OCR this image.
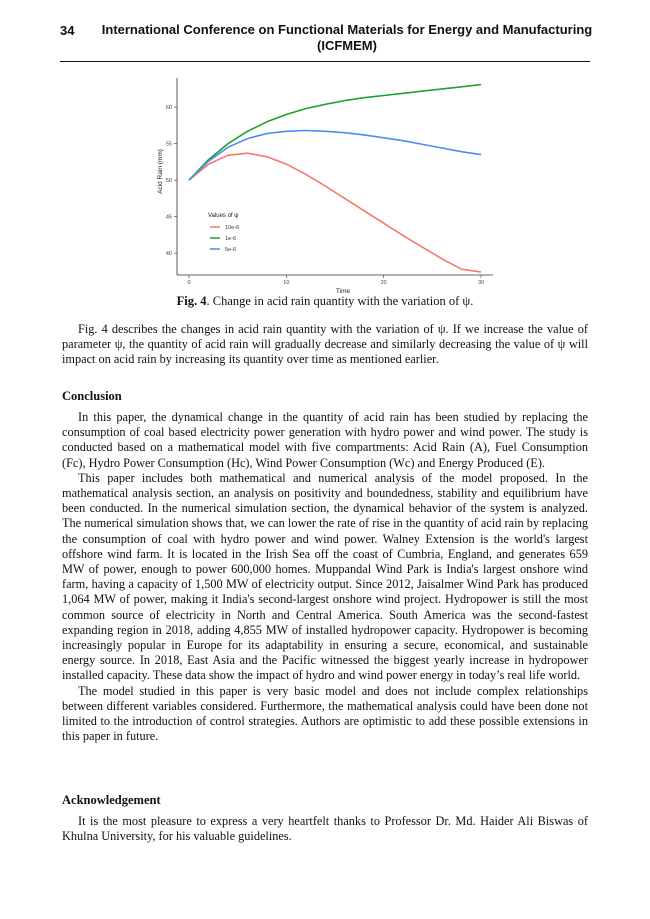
34 International Conference on Functional Materials for Energy and Manufacturing (ICFMEM)
40
45
50
55
60
0	10	20	30
Time
Acid Rain (mm)
Values of ψ
10e-6
1e-6
5e-6
Fig. 4. Change in acid rain quantity with the variation of ψ.

Fig. 4 describes the changes in acid rain quantity with the variation of ψ. If we increase the value of parameter ψ, the quantity of acid rain will gradually decrease and similarly decreasing the value of ψ will impact on acid rain by increasing its quantity over time as mentioned earlier.

Conclusion

In this paper, the dynamical change in the quantity of acid rain has been studied by replacing the consumption of coal based electricity power generation with hydro power and wind power. The study is conducted based on a mathematical model with five compartments: Acid Rain (A), Fuel Consumption (Fc), Hydro Power Consumption (Hc), Wind Power Consumption (Wc) and Energy Produced (E).

This paper includes both mathematical and numerical analysis of the model proposed. In the mathematical analysis section, an analysis on positivity and boundedness, stability and equilibrium have been conducted. In the numerical simulation section, the dynamical behavior of the system is analyzed. The numerical simulation shows that, we can lower the rate of rise in the quantity of acid rain by replacing the consumption of coal with hydro power and wind power. Walney Extension is the world's largest offshore wind farm. It is located in the Irish Sea off the coast of Cumbria, England, and generates 659 MW of power, enough to power 600,000 homes. Muppandal Wind Park is India's largest onshore wind farm, having a capacity of 1,500 MW of electricity output. Since 2012, Jaisalmer Wind Park has produced 1,064 MW of power, making it India's second-largest onshore wind project. Hydropower is still the most common source of electricity in North and Central America. South America was the second-fastest expanding region in 2018, adding 4,855 MW of installed hydropower capacity. Hydropower is becoming increasingly popular in Europe for its adaptability in ensuring a secure, economical, and sustainable energy source. In 2018, East Asia and the Pacific witnessed the biggest yearly increase in hydropower installed capacity. These data show the impact of hydro and wind power energy in today’s real life world.

The model studied in this paper is very basic model and does not include complex relationships between different variables considered. Furthermore, the mathematical analysis could have been done not limited to the introduction of control strategies. Authors are optimistic to add these possible extensions in this paper in future.

Acknowledgement

It is the most pleasure to express a very heartfelt thanks to Professor Dr. Md. Haider Ali Biswas of Khulna University, for his valuable guidelines.
